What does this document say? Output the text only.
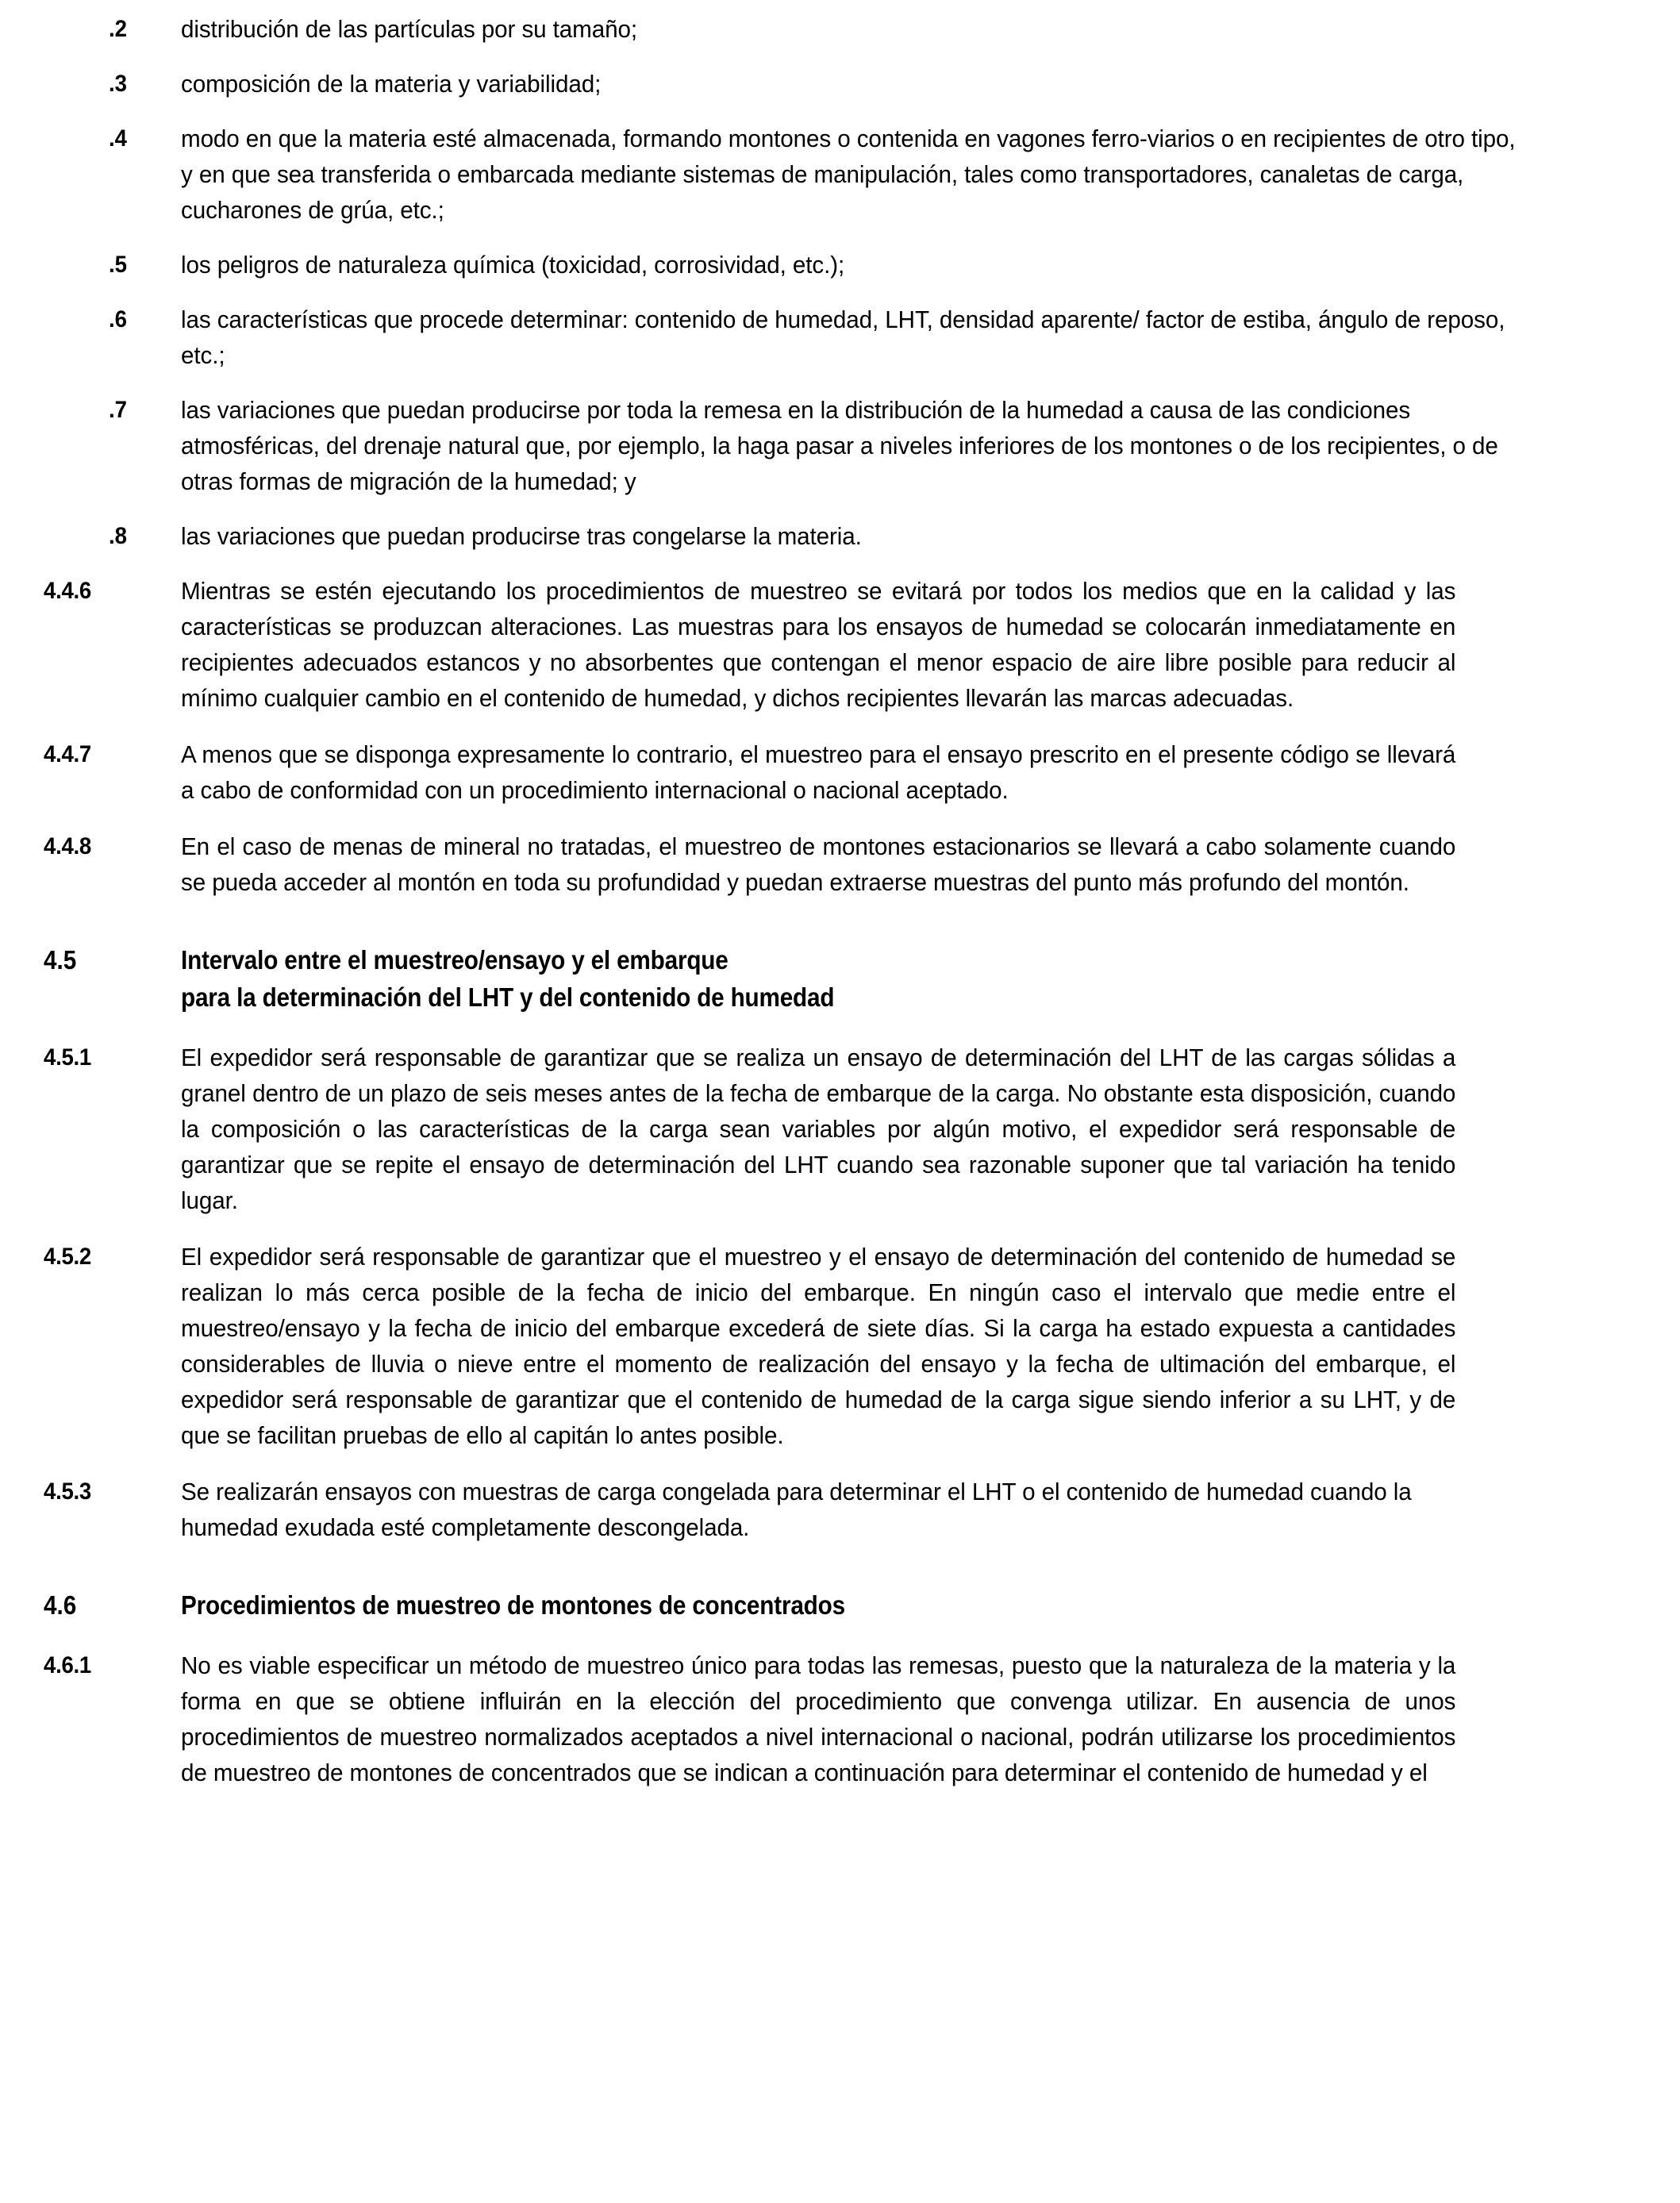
.2	distribución de las partículas por su tamaño;
.3	composición de la materia y variabilidad;
.4	modo en que la materia esté almacenada, formando montones o contenida en vagones ferro-viarios o en recipientes de otro tipo, y en que sea transferida o embarcada mediante sistemas de manipulación, tales como transportadores, canaletas de carga, cucharones de grúa, etc.;
.5	los peligros de naturaleza química (toxicidad, corrosividad, etc.);
.6	las características que procede determinar: contenido de humedad, LHT, densidad aparente/ factor de estiba, ángulo de reposo, etc.;
.7	las variaciones que puedan producirse por toda la remesa en la distribución de la humedad a causa de las condiciones atmosféricas, del drenaje natural que, por ejemplo, la haga pasar a niveles inferiores de los montones o de los recipientes, o de otras formas de migración de la humedad; y
.8	las variaciones que puedan producirse tras congelarse la materia.
4.4.6	Mientras se estén ejecutando los procedimientos de muestreo se evitará por todos los medios que en la calidad y las características se produzcan alteraciones. Las muestras para los ensayos de humedad se colocarán inmediatamente en recipientes adecuados estancos y no absorbentes que contengan el menor espacio de aire libre posible para reducir al mínimo cualquier cambio en el contenido de humedad, y dichos recipientes llevarán las marcas adecuadas.
4.4.7	A menos que se disponga expresamente lo contrario, el muestreo para el ensayo prescrito en el presente código se llevará a cabo de conformidad con un procedimiento internacional o nacional aceptado.
4.4.8	En el caso de menas de mineral no tratadas, el muestreo de montones estacionarios se llevará a cabo solamente cuando se pueda acceder al montón en toda su profundidad y puedan extraerse muestras del punto más profundo del montón.
4.5	Intervalo entre el muestreo/ensayo y el embarque
para la determinación del LHT y del contenido de humedad
4.5.1	El expedidor será responsable de garantizar que se realiza un ensayo de determinación del LHT de las cargas sólidas a granel dentro de un plazo de seis meses antes de la fecha de embarque de la carga. No obstante esta disposición, cuando la composición o las características de la carga sean variables por algún motivo, el expedidor será responsable de garantizar que se repite el ensayo de determinación del LHT cuando sea razonable suponer que tal variación ha tenido lugar.
4.5.2	El expedidor será responsable de garantizar que el muestreo y el ensayo de determinación del contenido de humedad se realizan lo más cerca posible de la fecha de inicio del embarque. En ningún caso el intervalo que medie entre el muestreo/ensayo y la fecha de inicio del embarque excederá de siete días. Si la carga ha estado expuesta a cantidades considerables de lluvia o nieve entre el momento de realización del ensayo y la fecha de ultimación del embarque, el expedidor será responsable de garantizar que el contenido de humedad de la carga sigue siendo inferior a su LHT, y de que se facilitan pruebas de ello al capitán lo antes posible.
4.5.3	Se realizarán ensayos con muestras de carga congelada para determinar el LHT o el contenido de humedad cuando la humedad exudada esté completamente descongelada.
4.6	Procedimientos de muestreo de montones de concentrados
4.6.1	No es viable especificar un método de muestreo único para todas las remesas, puesto que la naturaleza de la materia y la forma en que se obtiene influirán en la elección del procedimiento que convenga utilizar. En ausencia de unos procedimientos de muestreo normalizados aceptados a nivel internacional o nacional, podrán utilizarse los procedimientos de muestreo de montones de concentrados que se indican a continuación para determinar el contenido de humedad y el
